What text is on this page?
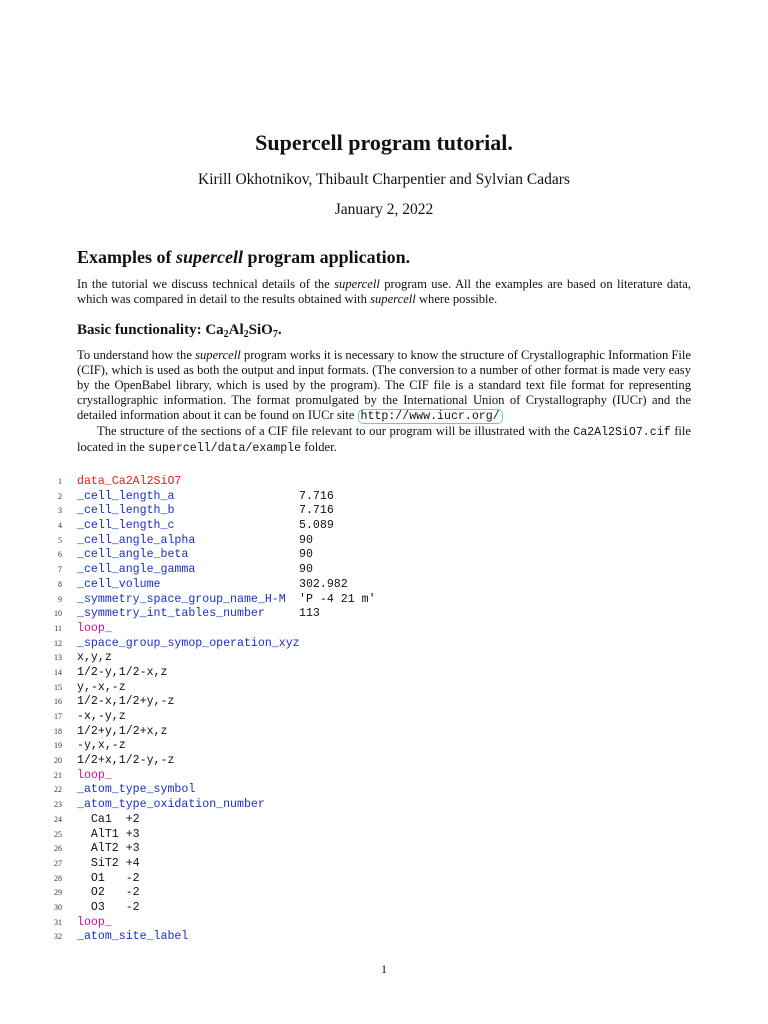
Supercell program tutorial.
Kirill Okhotnikov, Thibault Charpentier and Sylvian Cadars
January 2, 2022
Examples of supercell program application.
In the tutorial we discuss technical details of the supercell program use. All the examples are based on literature data, which was compared in detail to the results obtained with supercell where possible.
Basic functionality: $Ca_2Al_2SiO_7$.
To understand how the supercell program works it is necessary to know the structure of Crystallographic Information File (CIF), which is used as both the output and input formats. (The conversion to a number of other format is made very easy by the OpenBabel library, which is used by the program). The CIF file is a standard text file format for representing crystallographic information. The format promulgated by the International Union of Crystallography (IUCr) and the detailed information about it can be found on IUCr site http://www.iucr.org/
The structure of the sections of a CIF file relevant to our program will be illustrated with the Ca2Al2SiO7.cif file located in the supercell/data/example folder.
1 data_Ca2Al2SiO7
2 _cell_length_a	7.716
3 _cell_length_b	7.716
4 _cell_length_c	5.089
5 _cell_angle_alpha	90
6 _cell_angle_beta	90
7 _cell_angle_gamma	90
8 _cell_volume	302.982
9 _symmetry_space_group_name_H-M 'P -4 21 m'
10 _symmetry_int_tables_number	113
11 loop_
12 _space_group_symop_operation_xyz
13 x,y,z
14 1/2-y,1/2-x,z
15 y,-x,-z
16 1/2-x,1/2+y,-z
17 -x,-y,z
18 1/2+y,1/2+x,z
19 -y,x,-z
20 1/2+x,1/2-y,-z
21 loop_
22 _atom_type_symbol
23 _atom_type_oxidation_number
24 Ca1  +2
25 AlT1 +3
26 AlT2 +3
27 SiT2 +4
28 O1   -2
29 O2   -2
30 O3   -2
31 loop_
32 _atom_site_label
1
